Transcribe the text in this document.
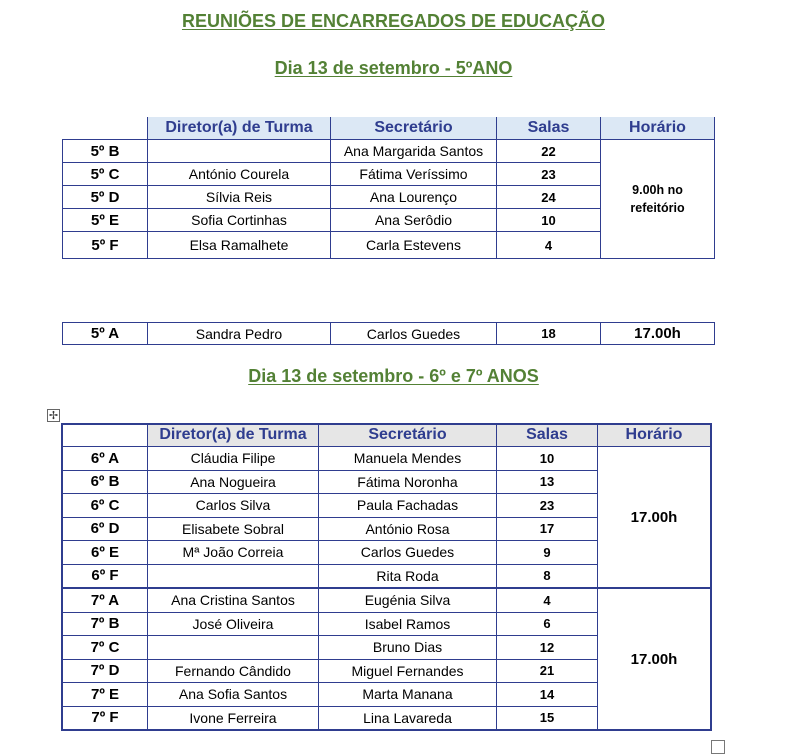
REUNIÕES DE ENCARREGADOS DE EDUCAÇÃO
Dia 13 de setembro - 5ºANO
	Diretor(a) de Turma	Secretário	Salas	Horário
5º B		Ana Margarida Santos	22	9.00h no refeitório

5º C	António Courela	Fátima Veríssimo	23	
5º D	Sílvia Reis	Ana Lourenço	24	
5º E	Sofia Cortinhas	Ana Serôdio	10	
5º F	Elsa Ramalhete	Carla Estevens	4	
5º A	Sandra Pedro	Carlos Guedes	18	17.00h
Dia 13 de setembro - 6º e 7º ANOS
✢
	Diretor(a) de Turma	Secretário	Salas	Horário
6º A	Cláudia Filipe	Manuela Mendes	10	17.00h
6º B	Ana Nogueira	Fátima Noronha	13	
6º C	Carlos Silva	Paula Fachadas	23	
6º D	Elisabete Sobral	António Rosa	17	
6º E	Mª João Correia	Carlos Guedes	9	
6º F		Rita Roda	8	
7º A	Ana Cristina Santos	Eugénia Silva	4	17.00h
7º B	José Oliveira	Isabel Ramos	6	
7º C		Bruno Dias	12	
7º D	Fernando Cândido	Miguel Fernandes	21	
7º E	Ana Sofia Santos	Marta Manana	14	
7º F	Ivone Ferreira	Lina Lavareda	15	
